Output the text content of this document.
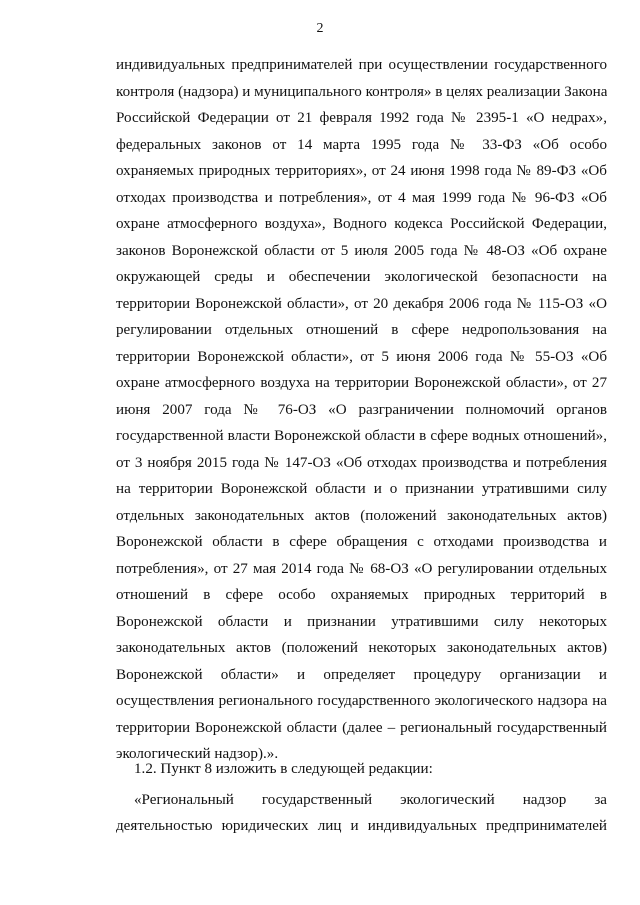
2
индивидуальных предпринимателей при осуществлении государственного
контроля (надзора) и муниципального контроля» в целях реализации Закона
Российской Федерации от 21 февраля 1992 года № 2395-1 «О недрах»,
федеральных законов от 14 марта 1995 года № 33-ФЗ «Об особо
охраняемых природных территориях», от 24 июня 1998 года № 89-ФЗ «Об
отходах производства и потребления», от 4 мая 1999 года № 96-ФЗ «Об
охране атмосферного воздуха», Водного кодекса Российской Федерации,
законов Воронежской области от 5 июля 2005 года № 48-ОЗ «Об охране
окружающей среды и обеспечении экологической безопасности на
территории Воронежской области», от 20 декабря 2006 года № 115-ОЗ «О
регулировании отдельных отношений в сфере недропользования на
территории Воронежской области», от 5 июня 2006 года № 55-ОЗ «Об
охране атмосферного воздуха на территории Воронежской области», от 27
июня 2007 года № 76-ОЗ «О разграничении полномочий органов
государственной власти Воронежской области в сфере водных отношений»,
от 3 ноября 2015 года № 147-ОЗ «Об отходах производства и потребления
на территории Воронежской области и о признании утратившими силу
отдельных законодательных актов (положений законодательных актов)
Воронежской области в сфере обращения с отходами производства и
потребления», от 27 мая 2014 года № 68-ОЗ «О регулировании отдельных
отношений в сфере особо охраняемых природных территорий в
Воронежской области и признании утратившими силу некоторых
законодательных актов (положений некоторых законодательных актов)
Воронежской области» и определяет процедуру организации и
осуществления регионального государственного экологического надзора на
территории Воронежской области (далее – региональный государственный
экологический надзор).».
1.2. Пункт 8 изложить в следующей редакции:
«Региональный государственный экологический надзор за
деятельностью юридических лиц и индивидуальных предпринимателей
